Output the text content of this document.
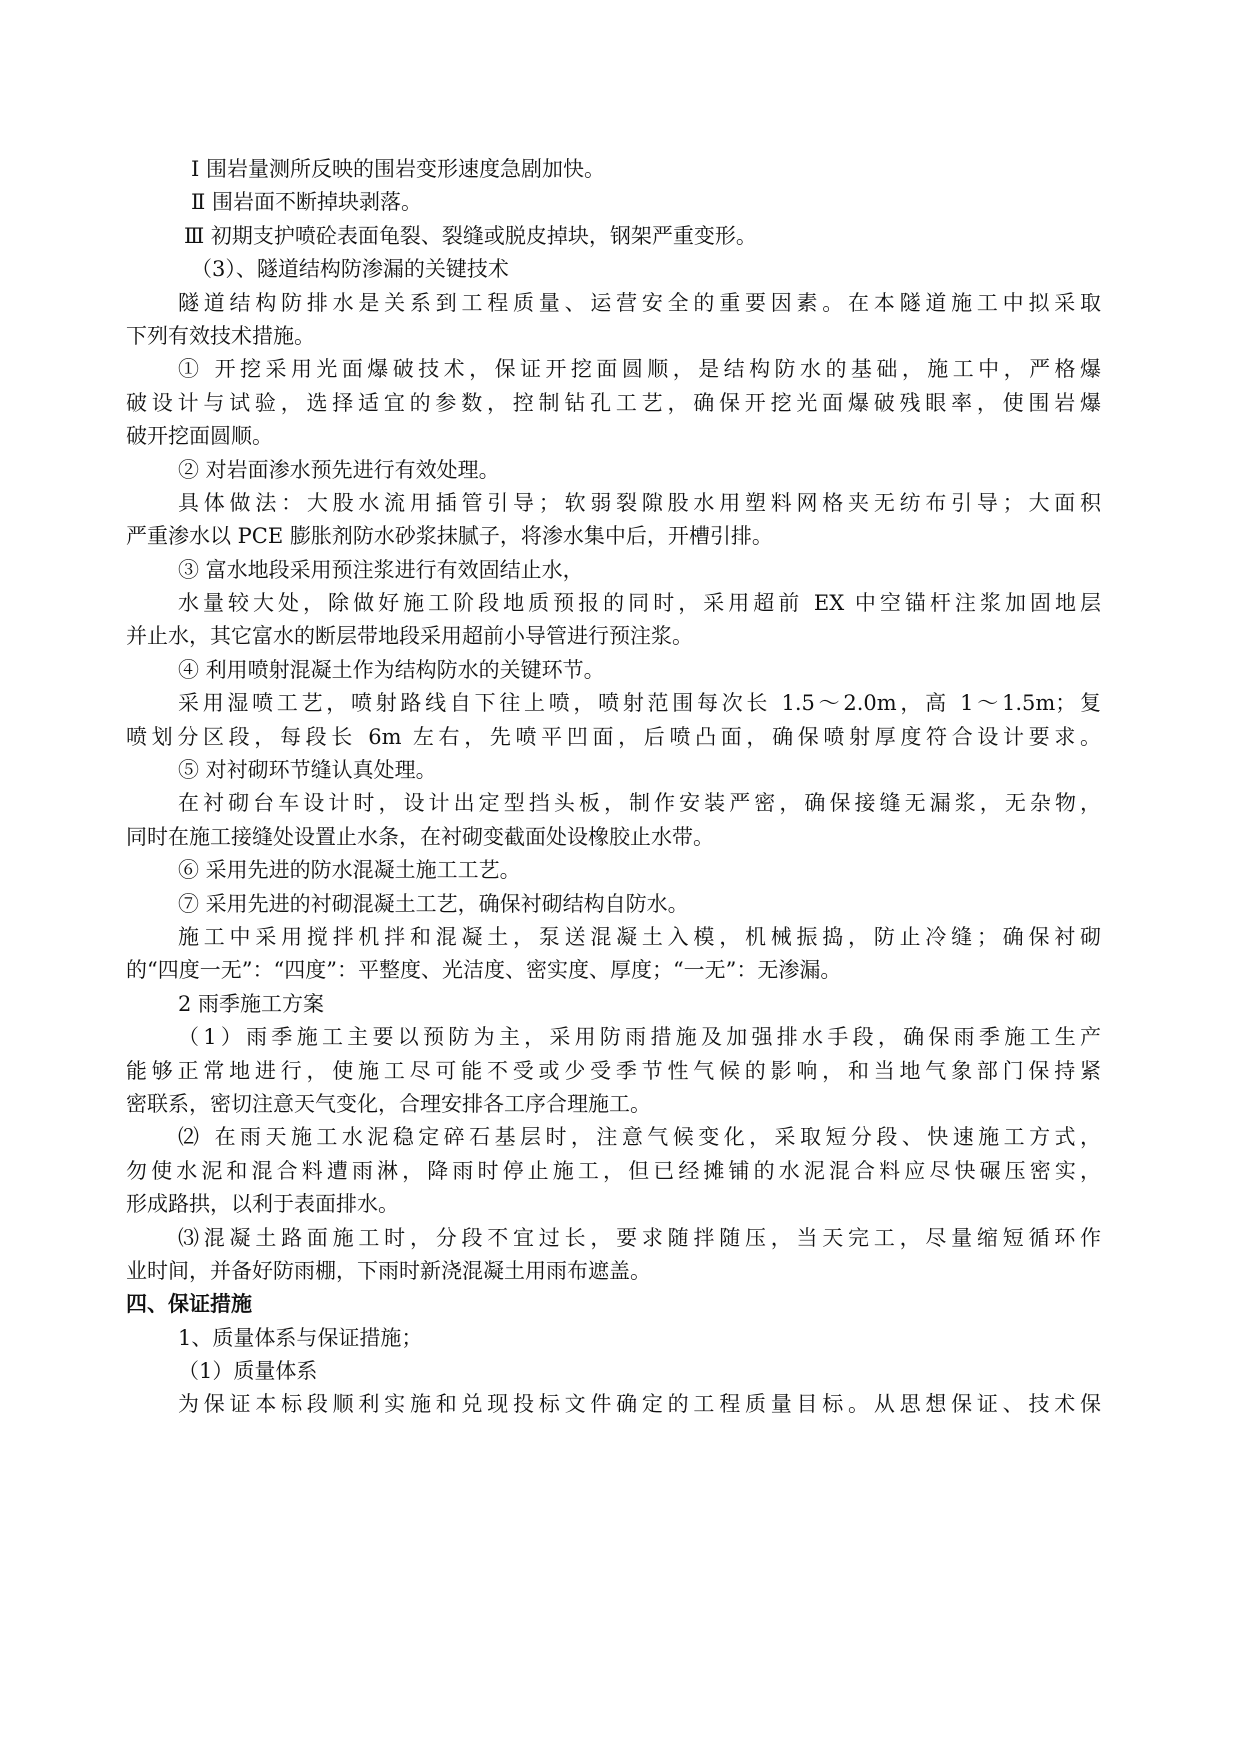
Ⅰ 围岩量测所反映的围岩变形速度急剧加快。
Ⅱ 围岩面不断掉块剥落。
Ⅲ 初期支护喷砼表面龟裂、裂缝或脱皮掉块，钢架严重变形。
（3）、隧道结构防渗漏的关键技术
隧道结构防排水是关系到工程质量、运营安全的重要因素。在本隧道施工中拟采取
下列有效技术措施。
① 开挖采用光面爆破技术，保证开挖面圆顺，是结构防水的基础，施工中，严格爆
破设计与试验，选择适宜的参数，控制钻孔工艺，确保开挖光面爆破残眼率，使围岩爆
破开挖面圆顺。
② 对岩面渗水预先进行有效处理。
具体做法：大股水流用插管引导；软弱裂隙股水用塑料网格夹无纺布引导；大面积
严重渗水以 PCE 膨胀剂防水砂浆抹腻子，将渗水集中后，开槽引排。
③ 富水地段采用预注浆进行有效固结止水，
水量较大处，除做好施工阶段地质预报的同时，采用超前 EX 中空锚杆注浆加固地层
并止水，其它富水的断层带地段采用超前小导管进行预注浆。
④ 利用喷射混凝土作为结构防水的关键环节。
采用湿喷工艺，喷射路线自下往上喷，喷射范围每次长 1.5～2.0m，高 1～1.5m；复
喷划分区段，每段长 6m 左右，先喷平凹面，后喷凸面，确保喷射厚度符合设计要求。
⑤ 对衬砌环节缝认真处理。
在衬砌台车设计时，设计出定型挡头板，制作安装严密，确保接缝无漏浆，无杂物，
同时在施工接缝处设置止水条，在衬砌变截面处设橡胶止水带。
⑥ 采用先进的防水混凝土施工工艺。
⑦ 采用先进的衬砌混凝土工艺，确保衬砌结构自防水。
施工中采用搅拌机拌和混凝土，泵送混凝土入模，机械振捣，防止冷缝；确保衬砌
的“四度一无”：“四度”：平整度、光洁度、密实度、厚度；“一无”：无渗漏。
2 雨季施工方案
（1）雨季施工主要以预防为主，采用防雨措施及加强排水手段，确保雨季施工生产
能够正常地进行，使施工尽可能不受或少受季节性气候的影响，和当地气象部门保持紧
密联系，密切注意天气变化，合理安排各工序合理施工。
⑵ 在雨天施工水泥稳定碎石基层时，注意气候变化，采取短分段、快速施工方式，
勿使水泥和混合料遭雨淋，降雨时停止施工，但已经摊铺的水泥混合料应尽快碾压密实，
形成路拱，以利于表面排水。
⑶混凝土路面施工时，分段不宜过长，要求随拌随压，当天完工，尽量缩短循环作
业时间，并备好防雨棚，下雨时新浇混凝土用雨布遮盖。
四、保证措施
1、质量体系与保证措施；
（1）质量体系
为保证本标段顺利实施和兑现投标文件确定的工程质量目标。从思想保证、技术保
